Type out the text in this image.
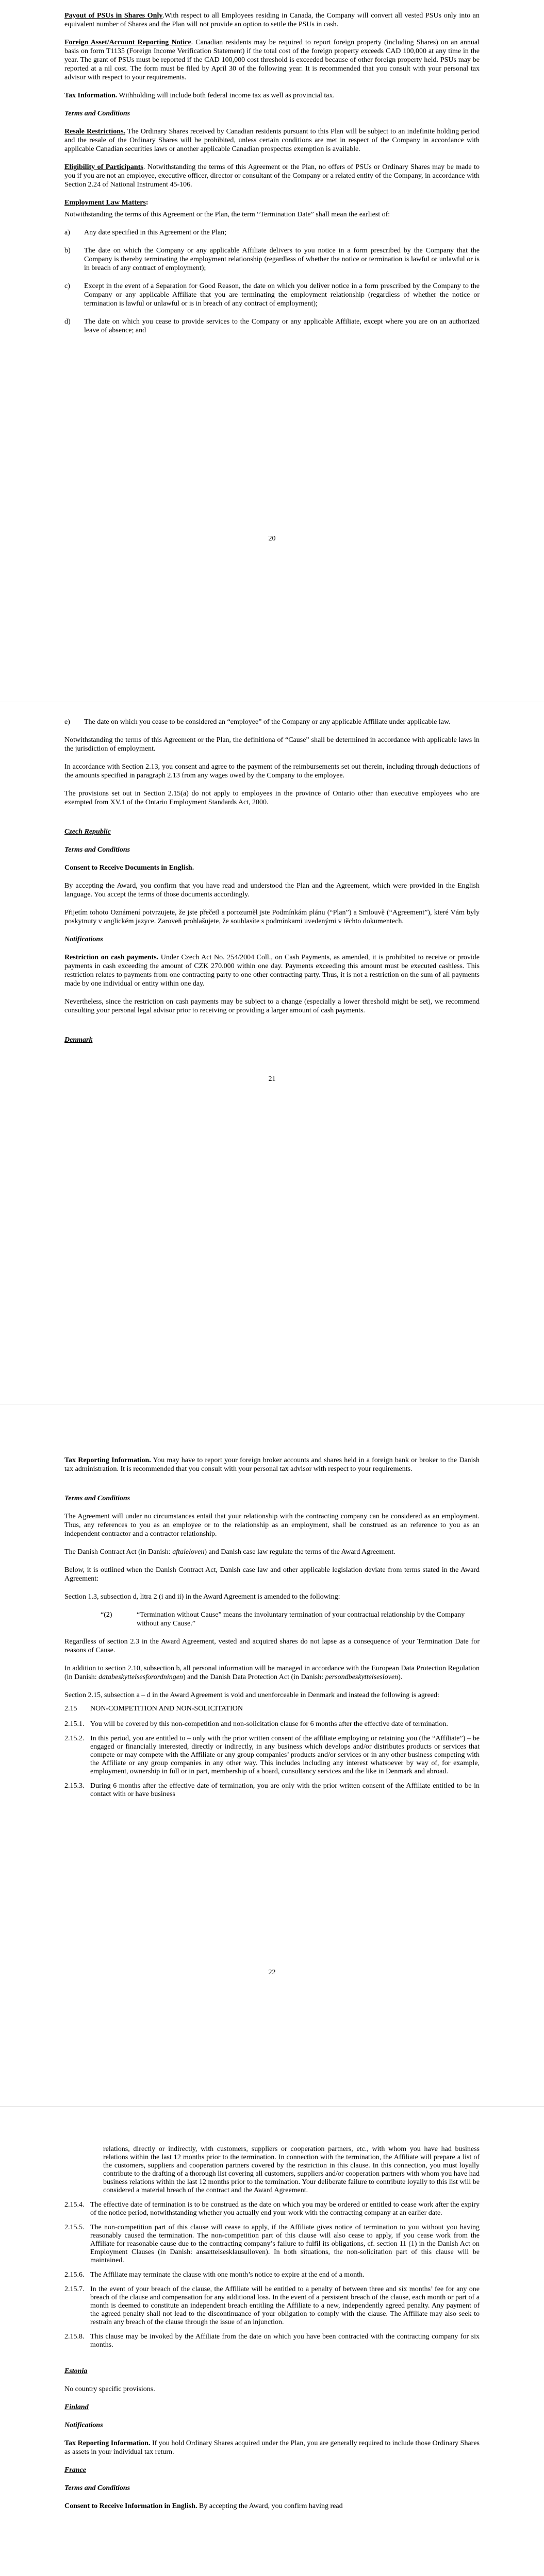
Payout of PSUs in Shares Only.With respect to all Employees residing in Canada, the Company will convert all vested PSUs only into an equivalent number of Shares and the Plan will not provide an option to settle the PSUs in cash.

Foreign Asset/Account Reporting Notice. Canadian residents may be required to report foreign property (including Shares) on an annual basis on form T1135 (Foreign Income Verification Statement) if the total cost of the foreign property exceeds CAD 100,000 at any time in the year. The grant of PSUs must be reported if the CAD 100,000 cost threshold is exceeded because of other foreign property held. PSUs may be reported at a nil cost. The form must be filed by April 30 of the following year. It is recommended that you consult with your personal tax advisor with respect to your requirements.

Tax Information. Withholding will include both federal income tax as well as provincial tax.

Terms and Conditions

Resale Restrictions. The Ordinary Shares received by Canadian residents pursuant to this Plan will be subject to an indefinite holding period and the resale of the Ordinary Shares will be prohibited, unless certain conditions are met in respect of the Company in accordance with applicable Canadian securities laws or another applicable Canadian prospectus exemption is available.

Eligibility of Participants. Notwithstanding the terms of this Agreement or the Plan, no offers of PSUs or Ordinary Shares may be made to you if you are not an employee, executive officer, director or consultant of the Company or a related entity of the Company, in accordance with Section 2.24 of National Instrument 45-106.

Employment Law Matters:

Notwithstanding the terms of this Agreement or the Plan, the term “Termination Date” shall mean the earliest of:

a)	Any date specified in this Agreement or the Plan;
b)	The date on which the Company or any applicable Affiliate delivers to you notice in a form prescribed by the Company that the Company is thereby terminating the employment relationship (regardless of whether the notice or termination is lawful or unlawful or is in breach of any contract of employment);
c)	Except in the event of a Separation for Good Reason, the date on which you deliver notice in a form prescribed by the Company to the Company or any applicable Affiliate that you are terminating the employment relationship (regardless of whether the notice or termination is lawful or unlawful or is in breach of any contract of employment);
d)	The date on which you cease to provide services to the Company or any applicable Affiliate, except where you are on an authorized leave of absence; and
20
e)	The date on which you cease to be considered an “employee” of the Company or any applicable Affiliate under applicable law.

Notwithstanding the terms of this Agreement or the Plan, the definitiona of “Cause” shall be determined in accordance with applicable laws in the jurisdiction of employment.

In accordance with Section 2.13, you consent and agree to the payment of the reimbursements set out therein, including through deductions of the amounts specified in paragraph 2.13 from any wages owed by the Company to the employee.

The provisions set out in Section 2.15(a) do not apply to employees in the province of Ontario other than executive employees who are exempted from XV.1 of the Ontario Employment Standards Act, 2000.

Czech Republic

Terms and Conditions

Consent to Receive Documents in English.

By accepting the Award, you confirm that you have read and understood the Plan and the Agreement, which were provided in the English language. You accept the terms of those documents accordingly.

Přijetím tohoto Oznámení potvrzujete, že jste přečetl a porozuměl jste Podmínkám plánu (“Plan”) a Smlouvě (“Agreement”), které Vám byly poskytnuty v anglickém jazyce. Zaroveň prohlašujete, že souhlasíte s podmínkami uvedenými v těchto dokumentech.

Notifications

Restriction on cash payments. Under Czech Act No. 254/2004 Coll., on Cash Payments, as amended, it is prohibited to receive or provide payments in cash exceeding the amount of CZK 270.000 within one day. Payments exceeding this amount must be executed cashless. This restriction relates to payments from one contracting party to one other contracting party. Thus, it is not a restriction on the sum of all payments made by one individual or entity within one day.

Nevertheless, since the restriction on cash payments may be subject to a change (especially a lower threshold might be set), we recommend consulting your personal legal advisor prior to receiving or providing a larger amount of cash payments.

Denmark

21

Tax Reporting Information. You may have to report your foreign broker accounts and shares held in a foreign bank or broker to the Danish tax administration. It is recommended that you consult with your personal tax advisor with respect to your requirements.

Terms and Conditions

The Agreement will under no circumstances entail that your relationship with the contracting company can be considered as an employment. Thus, any references to you as an employee or to the relationship as an employment, shall be construed as an reference to you as an independent contractor and a contractor relationship.

The Danish Contract Act (in Danish: aftaleloven) and Danish case law regulate the terms of the Award Agreement.

Below, it is outlined when the Danish Contract Act, Danish case law and other applicable legislation deviate from terms stated in the Award Agreement:

Section 1.3, subsection d, litra 2 (i and ii) in the Award Agreement is amended to the following:

“(2)	“Termination without Cause” means the involuntary termination of your contractual relationship by the Company without any Cause.”

Regardless of section 2.3 in the Award Agreement, vested and acquired shares do not lapse as a consequence of your Termination Date for reasons of Cause.

In addition to section 2.10, subsection b, all personal information will be managed in accordance with the European Data Protection Regulation (in Danish: databeskyttelsesforordningen) and the Danish Data Protection Act (in Danish: persondbeskyttelsesloven).

Section 2.15, subsection a – d in the Award Agreement is void and unenforceable in Denmark and instead the following is agreed:

2.15	NON-COMPETITION AND NON-SOLICITATION
2.15.1. You will be covered by this non-competition and non-solicitation clause for 6 months after the effective date of termination.
2.15.2. In this period, you are entitled to – only with the prior written consent of the affiliate employing or retaining you (the “Affiliate”) – be engaged or financially interested, directly or indirectly, in any business which develops and/or distributes products or services that compete or may compete with the Affiliate or any group companies’ products and/or services or in any other business competing with the Affiliate or any group companies in any other way. This includes including any interest whatsoever by way of, for example, employment, ownership in full or in part, membership of a board, consultancy services and the like in Denmark and abroad.
2.15.3. During 6 months after the effective date of termination, you are only with the prior written consent of the Affiliate entitled to be in contact with or have business
22

relations, directly or indirectly, with customers, suppliers or cooperation partners, etc., with whom you have had business relations within the last 12 months prior to the termination. In connection with the termination, the Affiliate will prepare a list of the customers, suppliers and cooperation partners covered by the restriction in this clause. In this connection, you must loyally contribute to the drafting of a thorough list covering all customers, suppliers and/or cooperation partners with whom you have had business relations within the last 12 months prior to the termination. Your deliberate failure to contribute loyally to this list will be considered a material breach of the contract and the Award Agreement.

2.15.4. The effective date of termination is to be construed as the date on which you may be ordered or entitled to cease work after the expiry of the notice period, notwithstanding whether you actually end your work with the contracting company at an earlier date.
2.15.5. The non-competition part of this clause will cease to apply, if the Affiliate gives notice of termination to you without you having reasonably caused the termination. The non-competition part of this clause will also cease to apply, if you cease work from the Affiliate for reasonable cause due to the contracting company’s failure to fulfil its obligations, cf. section 11 (1) in the Danish Act on Employment Clauses (in Danish: ansættelsesklausulloven). In both situations, the non-solicitation part of this clause will be maintained.
2.15.6. The Affiliate may terminate the clause with one month’s notice to expire at the end of a month.
2.15.7. In the event of your breach of the clause, the Affiliate will be entitled to a penalty of between three and six months’ fee for any one breach of the clause and compensation for any additional loss. In the event of a persistent breach of the clause, each month or part of a month is deemed to constitute an independent breach entitling the Affiliate to a new, independently agreed penalty. Any payment of the agreed penalty shall not lead to the discontinuance of your obligation to comply with the clause. The Affiliate may also seek to restrain any breach of the clause through the issue of an injunction.
2.15.8. This clause may be invoked by the Affiliate from the date on which you have been contracted with the contracting company for six months.

Estonia

No country specific provisions.

Finland

Notifications

Tax Reporting Information. If you hold Ordinary Shares acquired under the Plan, you are generally required to include those Ordinary Shares as assets in your individual tax return.

France

Terms and Conditions

Consent to Receive Information in English. By accepting the Award, you confirm having read
